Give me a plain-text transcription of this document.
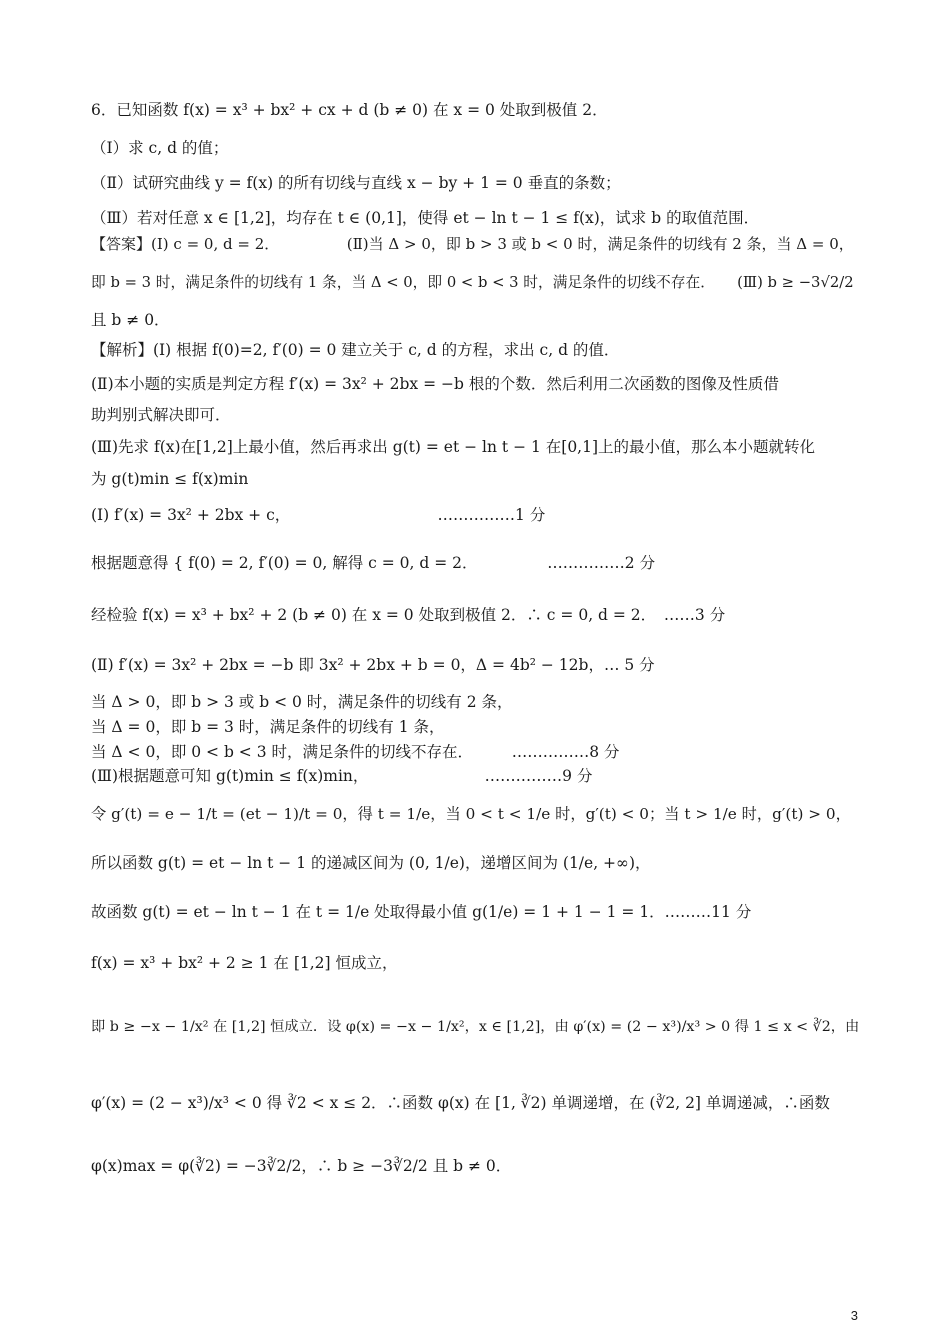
6．已知函数 f(x) = x³ + bx² + cx + d (b ≠ 0) 在 x = 0 处取到极值 2．
（Ⅰ）求 c, d 的值；
（Ⅱ）试研究曲线 y = f(x) 的所有切线与直线 x − by + 1 = 0 垂直的条数；
（Ⅲ）若对任意 x ∈ [1,2]，均存在 t ∈ (0,1]，使得 et − ln t − 1 ≤ f(x)，试求 b 的取值范围．
【答案】(Ⅰ) c = 0, d = 2．　　　　　(Ⅱ)当 Δ > 0，即 b > 3 或 b < 0 时，满足条件的切线有 2 条，当 Δ = 0，
即 b = 3 时，满足条件的切线有 1 条，当 Δ < 0，即 0 < b < 3 时，满足条件的切线不存在．　　(Ⅲ) b ≥ −3√2/2
且 b ≠ 0．
【解析】(Ⅰ) 根据 f(0)=2, f′(0) = 0 建立关于 c, d 的方程，求出 c, d 的值．
(Ⅱ)本小题的实质是判定方程 f′(x) = 3x² + 2bx = −b 根的个数．然后利用二次函数的图像及性质借
助判别式解决即可．
(Ⅲ)先求 f(x)在[1,2]上最小值，然后再求出 g(t) = et − ln t − 1 在[0,1]上的最小值，那么本小题就转化
为 g(t)min ≤ f(x)min
(Ⅰ) f′(x) = 3x² + 2bx + c，　　　　　　　　　　……………1 分
根据题意得 { f(0) = 2, f′(0) = 0, 解得 c = 0, d = 2．　　　　　……………2 分
经检验 f(x) = x³ + bx² + 2 (b ≠ 0) 在 x = 0 处取到极值 2．∴ c = 0, d = 2．　……3 分
(Ⅱ) f′(x) = 3x² + 2bx = −b 即 3x² + 2bx + b = 0，Δ = 4b² − 12b，… 5 分
当 Δ > 0，即 b > 3 或 b < 0 时，满足条件的切线有 2 条，
当 Δ = 0，即 b = 3 时，满足条件的切线有 1 条，
当 Δ < 0，即 0 < b < 3 时，满足条件的切线不存在．　　　……………8 分
(Ⅲ)根据题意可知 g(t)min ≤ f(x)min，　　　　　　　　……………9 分
令 g′(t) = e − 1/t = (et − 1)/t = 0，得 t = 1/e，当 0 < t < 1/e 时，g′(t) < 0；当 t > 1/e 时，g′(t) > 0，
所以函数 g(t) = et − ln t − 1 的递减区间为 (0, 1/e)，递增区间为 (1/e, +∞)，
故函数 g(t) = et − ln t − 1 在 t = 1/e 处取得最小值 g(1/e) = 1 + 1 − 1 = 1．………11 分
f(x) = x³ + bx² + 2 ≥ 1 在 [1,2] 恒成立，
即 b ≥ −x − 1/x² 在 [1,2] 恒成立．设 φ(x) = −x − 1/x²，x ∈ [1,2]，由 φ′(x) = (2 − x³)/x³ > 0 得 1 ≤ x < ∛2，由
φ′(x) = (2 − x³)/x³ < 0 得 ∛2 < x ≤ 2．∴函数 φ(x) 在 [1, ∛2) 单调递增，在 (∛2, 2] 单调递减，∴函数
φ(x)max = φ(∛2) = −3∛2/2，∴ b ≥ −3∛2/2 且 b ≠ 0．
3
